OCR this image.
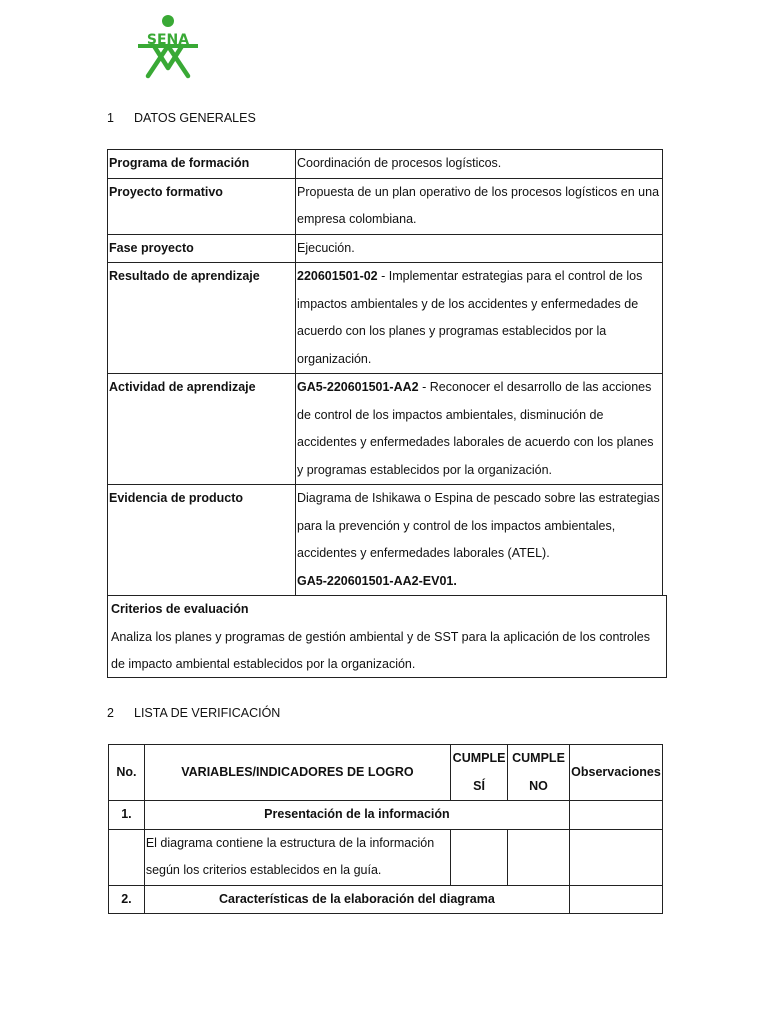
SENA
1 DATOS GENERALES
Programa de formación	Coordinación de procesos logísticos.
Proyecto formativo	Propuesta de un plan operativo de los procesos logísticos en una empresa colombiana.
Fase proyecto	Ejecución.
Resultado de aprendizaje	220601501-02 - Implementar estrategias para el control de los impactos ambientales y de los accidentes y enfermedades de acuerdo con los planes y programas establecidos por la organización.
Actividad de aprendizaje	GA5-220601501-AA2 - Reconocer el desarrollo de las acciones de control de los impactos ambientales, disminución de accidentes y enfermedades laborales de acuerdo con los planes y programas establecidos por la organización.
Evidencia de producto	Diagrama de Ishikawa o Espina de pescado sobre las estrategias para la prevención y control de los impactos ambientales, accidentes y enfermedades laborales (ATEL).
GA5-220601501-AA2-EV01.
Criterios de evaluación
Analiza los planes y programas de gestión ambiental y de SST para la aplicación de los controles de impacto ambiental establecidos por la organización.
2 LISTA DE VERIFICACIÓN
No.	VARIABLES/INDICADORES DE LOGRO	CUMPLE SÍ	CUMPLE NO	Observaciones
1.	Presentación de la información			
	El diagrama contiene la estructura de la información según los criterios establecidos en la guía.			
2.	Características de la elaboración del diagrama			
